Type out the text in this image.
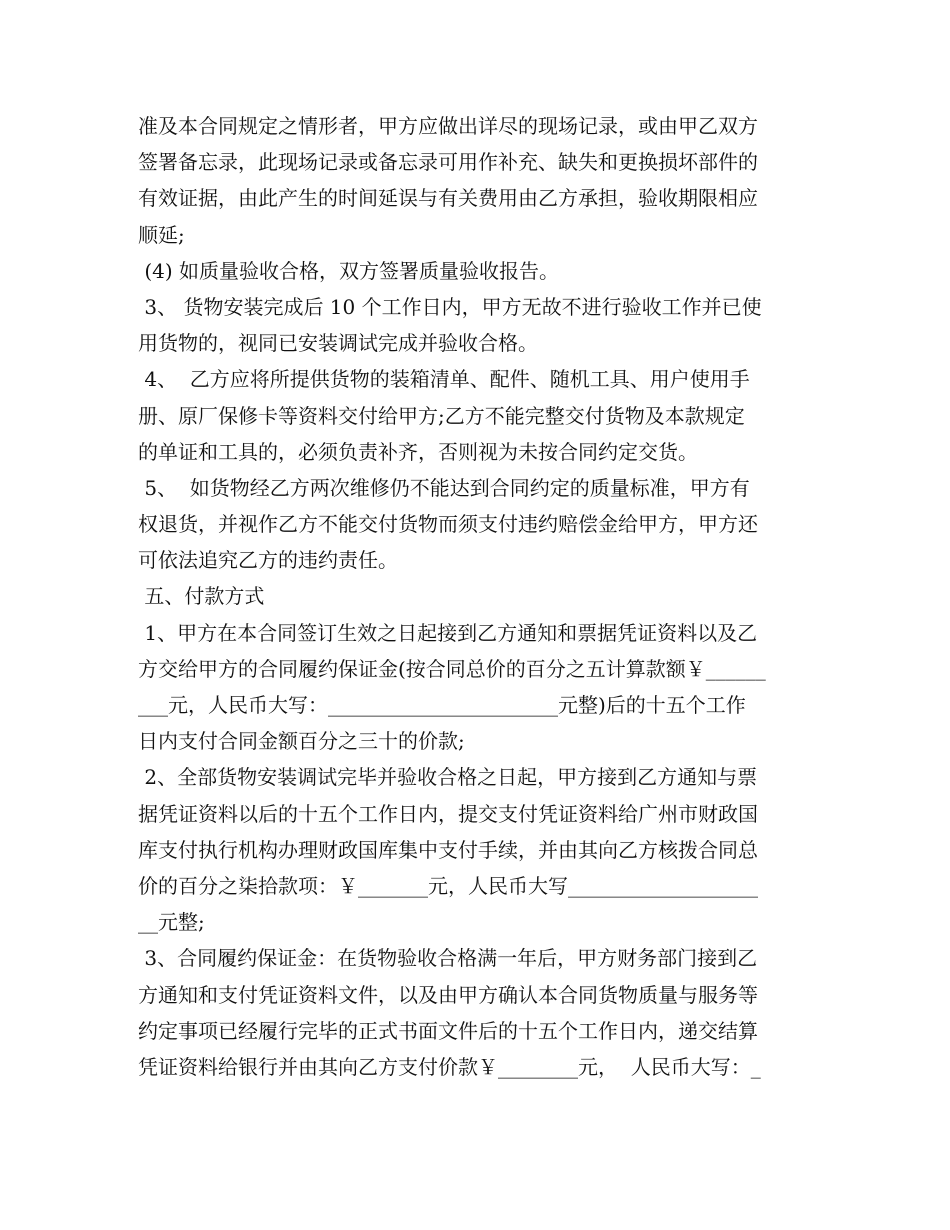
准及本合同规定之情形者，甲方应做出详尽的现场记录，或由甲乙双方
签署备忘录，此现场记录或备忘录可用作补充、缺失和更换损坏部件的
有效证据，由此产生的时间延误与有关费用由乙方承担，验收期限相应
顺延;
(4) 如质量验收合格，双方签署质量验收报告。
3、 货物安装完成后 10 个工作日内，甲方无故不进行验收工作并已使
用货物的，视同已安装调试完成并验收合格。
4、  乙方应将所提供货物的装箱清单、配件、随机工具、用户使用手
册、原厂保修卡等资料交付给甲方;乙方不能完整交付货物及本款规定
的单证和工具的，必须负责补齐，否则视为未按合同约定交货。
5、  如货物经乙方两次维修仍不能达到合同约定的质量标准，甲方有
权退货，并视作乙方不能交付货物而须支付违约赔偿金给甲方，甲方还
可依法追究乙方的违约责任。
五、付款方式
1、甲方在本合同签订生效之日起接到乙方通知和票据凭证资料以及乙
方交给甲方的合同履约保证金(按合同总价的百分之五计算款额￥______
___元，人民币大写：_______________________元整)后的十五个工作
日内支付合同金额百分之三十的价款;
2、全部货物安装调试完毕并验收合格之日起，甲方接到乙方通知与票
据凭证资料以后的十五个工作日内，提交支付凭证资料给广州市财政国
库支付执行机构办理财政国库集中支付手续，并由其向乙方核拨合同总
价的百分之柒拾款项：￥_______元，人民币大写___________________
__元整;
3、合同履约保证金：在货物验收合格满一年后，甲方财务部门接到乙
方通知和支付凭证资料文件，以及由甲方确认本合同货物质量与服务等
约定事项已经履行完毕的正式书面文件后的十五个工作日内，递交结算
凭证资料给银行并由其向乙方支付价款￥________元，  人民币大写：_
